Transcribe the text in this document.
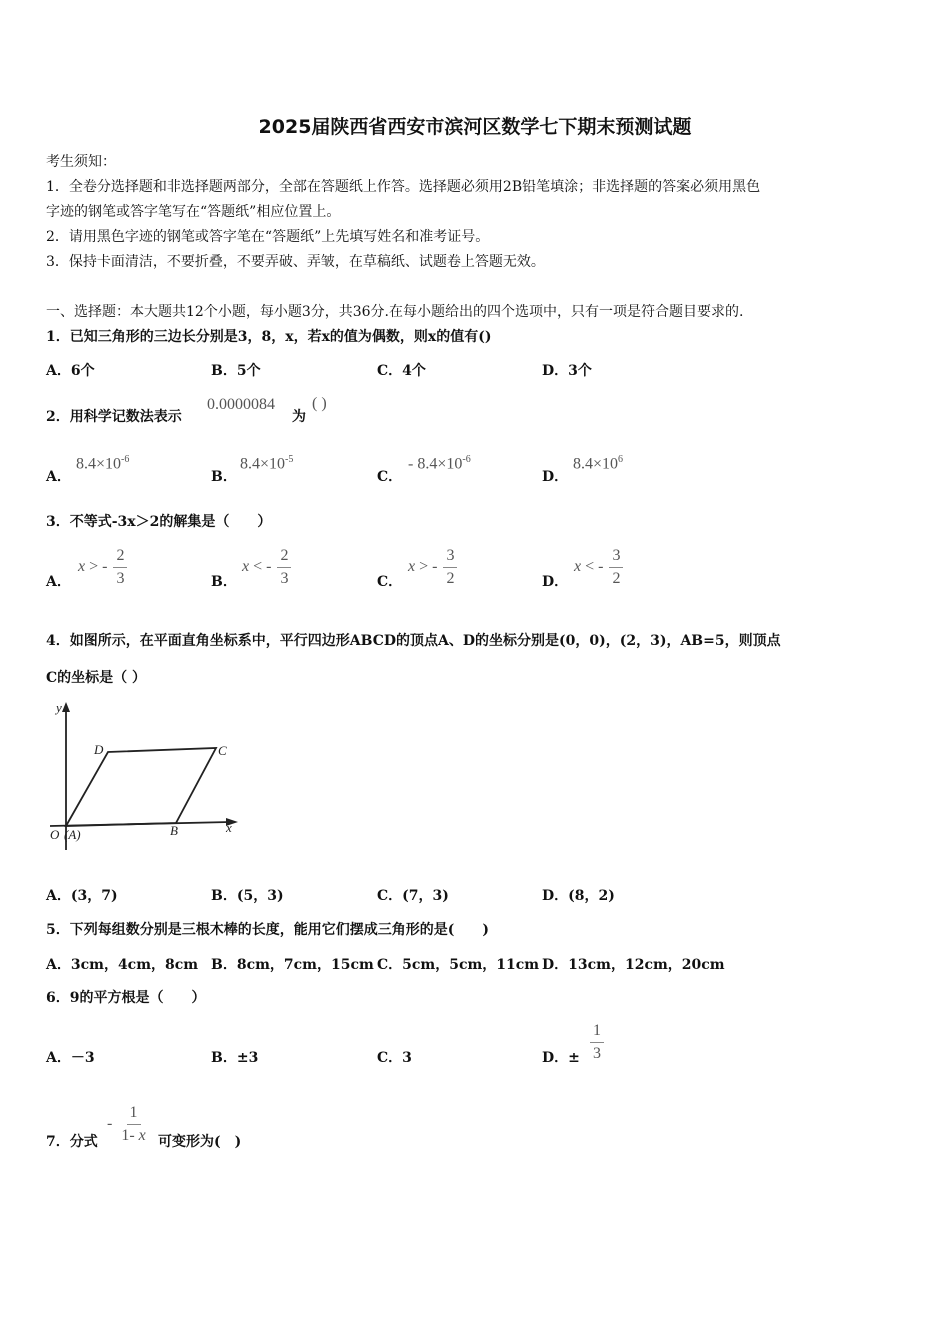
2025届陕西省西安市滨河区数学七下期末预测试题
考生须知：
1．全卷分选择题和非选择题两部分，全部在答题纸上作答。选择题必须用2B铅笔填涂；非选择题的答案必须用黑色
字迹的钢笔或答字笔写在“答题纸”相应位置上。
2．请用黑色字迹的钢笔或答字笔在“答题纸”上先填写姓名和准考证号。
3．保持卡面清洁，不要折叠，不要弄破、弄皱，在草稿纸、试题卷上答题无效。
一、选择题：本大题共12个小题，每小题3分，共36分.在每小题给出的四个选项中，只有一项是符合题目要求的.
1．已知三角形的三边长分别是3，8，x，若x的值为偶数，则x的值有()
A．6个	B．5个	C．4个	D．3个
2．用科学记数法表示
0.0000084
为
( )
A．
$8.4\times 10^{-6}$
B．
$8.4\times 10^{-5}$
C．
- $8.4\times 10^{-6}$
D．
$8.4\times 10^6$
3．不等式-3x＞2的解集是（　　）
A．
x > - $\frac{2}{3}$	B．
x < - $\frac{2}{3}$	C．
x > - $\frac{3}{2}$	D．
x < - $\frac{3}{2}$
4．如图所示，在平面直角坐标系中，平行四边形ABCD的顶点A、D的坐标分别是(0，0)，(2，3)，AB=5，则顶点
C的坐标是（ ）
y
x
D	C
O (A)	B
A．(3，7)	B．(5，3)	C．(7，3)	D．(8，2)
5．下列每组数分别是三根木棒的长度，能用它们摆成三角形的是(　　)
A．3cm，4cm，8cm B．8cm，7cm，15cm C．5cm，5cm，11cm D．13cm，12cm，20cm
6．9的平方根是（　　）
A．－3	B．±3	C．3	D．± $\frac{1}{3}$
7．分式
- $\frac{1}{1- x}$ 可变形为(　)
